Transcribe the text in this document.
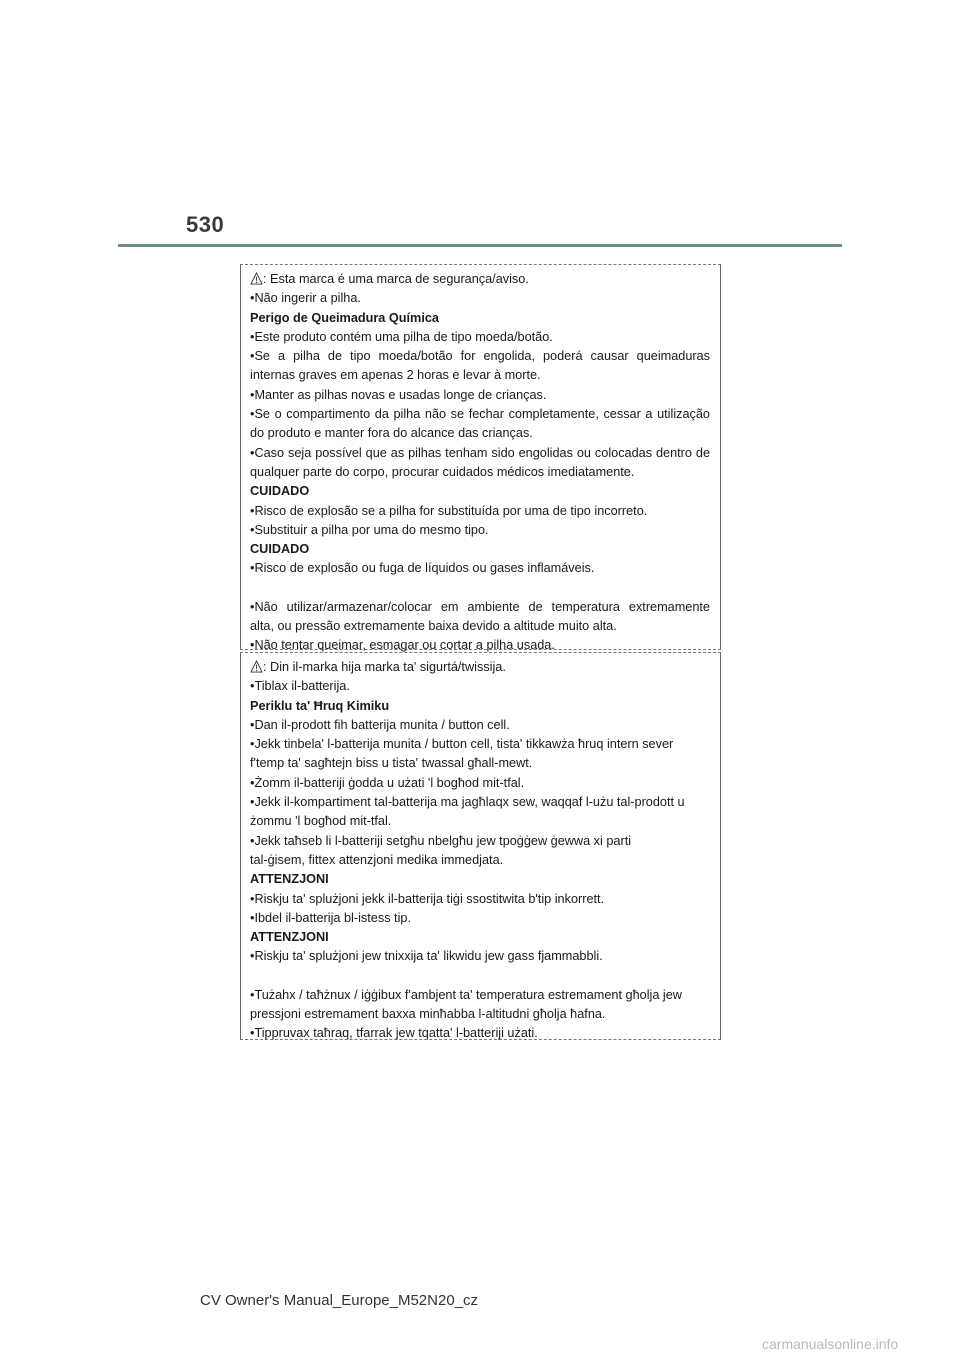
530
: Esta marca é uma marca de segurança/aviso.
•Não ingerir a pilha.
Perigo de Queimadura Química
•Este produto contém uma pilha de tipo moeda/botão.
•Se a pilha de tipo moeda/botão for engolida, poderá causar queimaduras
internas graves em apenas 2 horas e levar à morte.
•Manter as pilhas novas e usadas longe de crianças.
•Se o compartimento da pilha não se fechar completamente, cessar a utilização
do produto e manter fora do alcance das crianças.
•Caso seja possível que as pilhas tenham sido engolidas ou colocadas dentro de
qualquer parte do corpo, procurar cuidados médicos imediatamente.
CUIDADO
•Risco de explosão se a pilha for substituída por uma de tipo incorreto.
•Substituir a pilha por uma do mesmo tipo.
CUIDADO
•Risco de explosão ou fuga de líquidos ou gases inflamáveis.
•Não utilizar/armazenar/colocar em ambiente de temperatura extremamente
alta, ou pressão extremamente baixa devido a altitude muito alta.
•Não tentar queimar, esmagar ou cortar a pilha usada.
: Din il-marka hija marka ta' sigurtá/twissija.
•Tiblax il-batterija.
Periklu ta' Ħruq Kimiku
•Dan il-prodott fih batterija munita / button cell.
•Jekk tinbela' l-batterija munita / button cell, tista' tikkawża ħruq intern sever
f'temp ta' sagħtejn biss u tista' twassal għall-mewt.
•Żomm il-batteriji ġodda u użati 'l bogħod mit-tfal.
•Jekk il-kompartiment tal-batterija ma jagħlaqx sew, waqqaf l-użu tal-prodott u
żommu 'l bogħod mit-tfal.
•Jekk taħseb li l-batteriji setgħu nbelgħu jew tpoġġew ġewwa xi parti
tal-ġisem, fittex attenzjoni medika immedjata.
ATTENZJONI
•Riskju ta' splużjoni jekk il-batterija tiġi ssostitwita b'tip inkorrett.
•Ibdel il-batterija bl-istess tip.
ATTENZJONI
•Riskju ta' splużjoni jew tnixxija ta' likwidu jew gass fjammabbli.
•Tużahx / taħżnux / iġġibux f'ambjent ta' temperatura estremament għolja jew
pressjoni estremament baxxa minħabba l-altitudni għolja ħafna.
•Tippruvax taħraq, tfarrak jew tqatta' l-batteriji użati.
CV Owner's Manual_Europe_M52N20_cz
carmanualsonline.info
